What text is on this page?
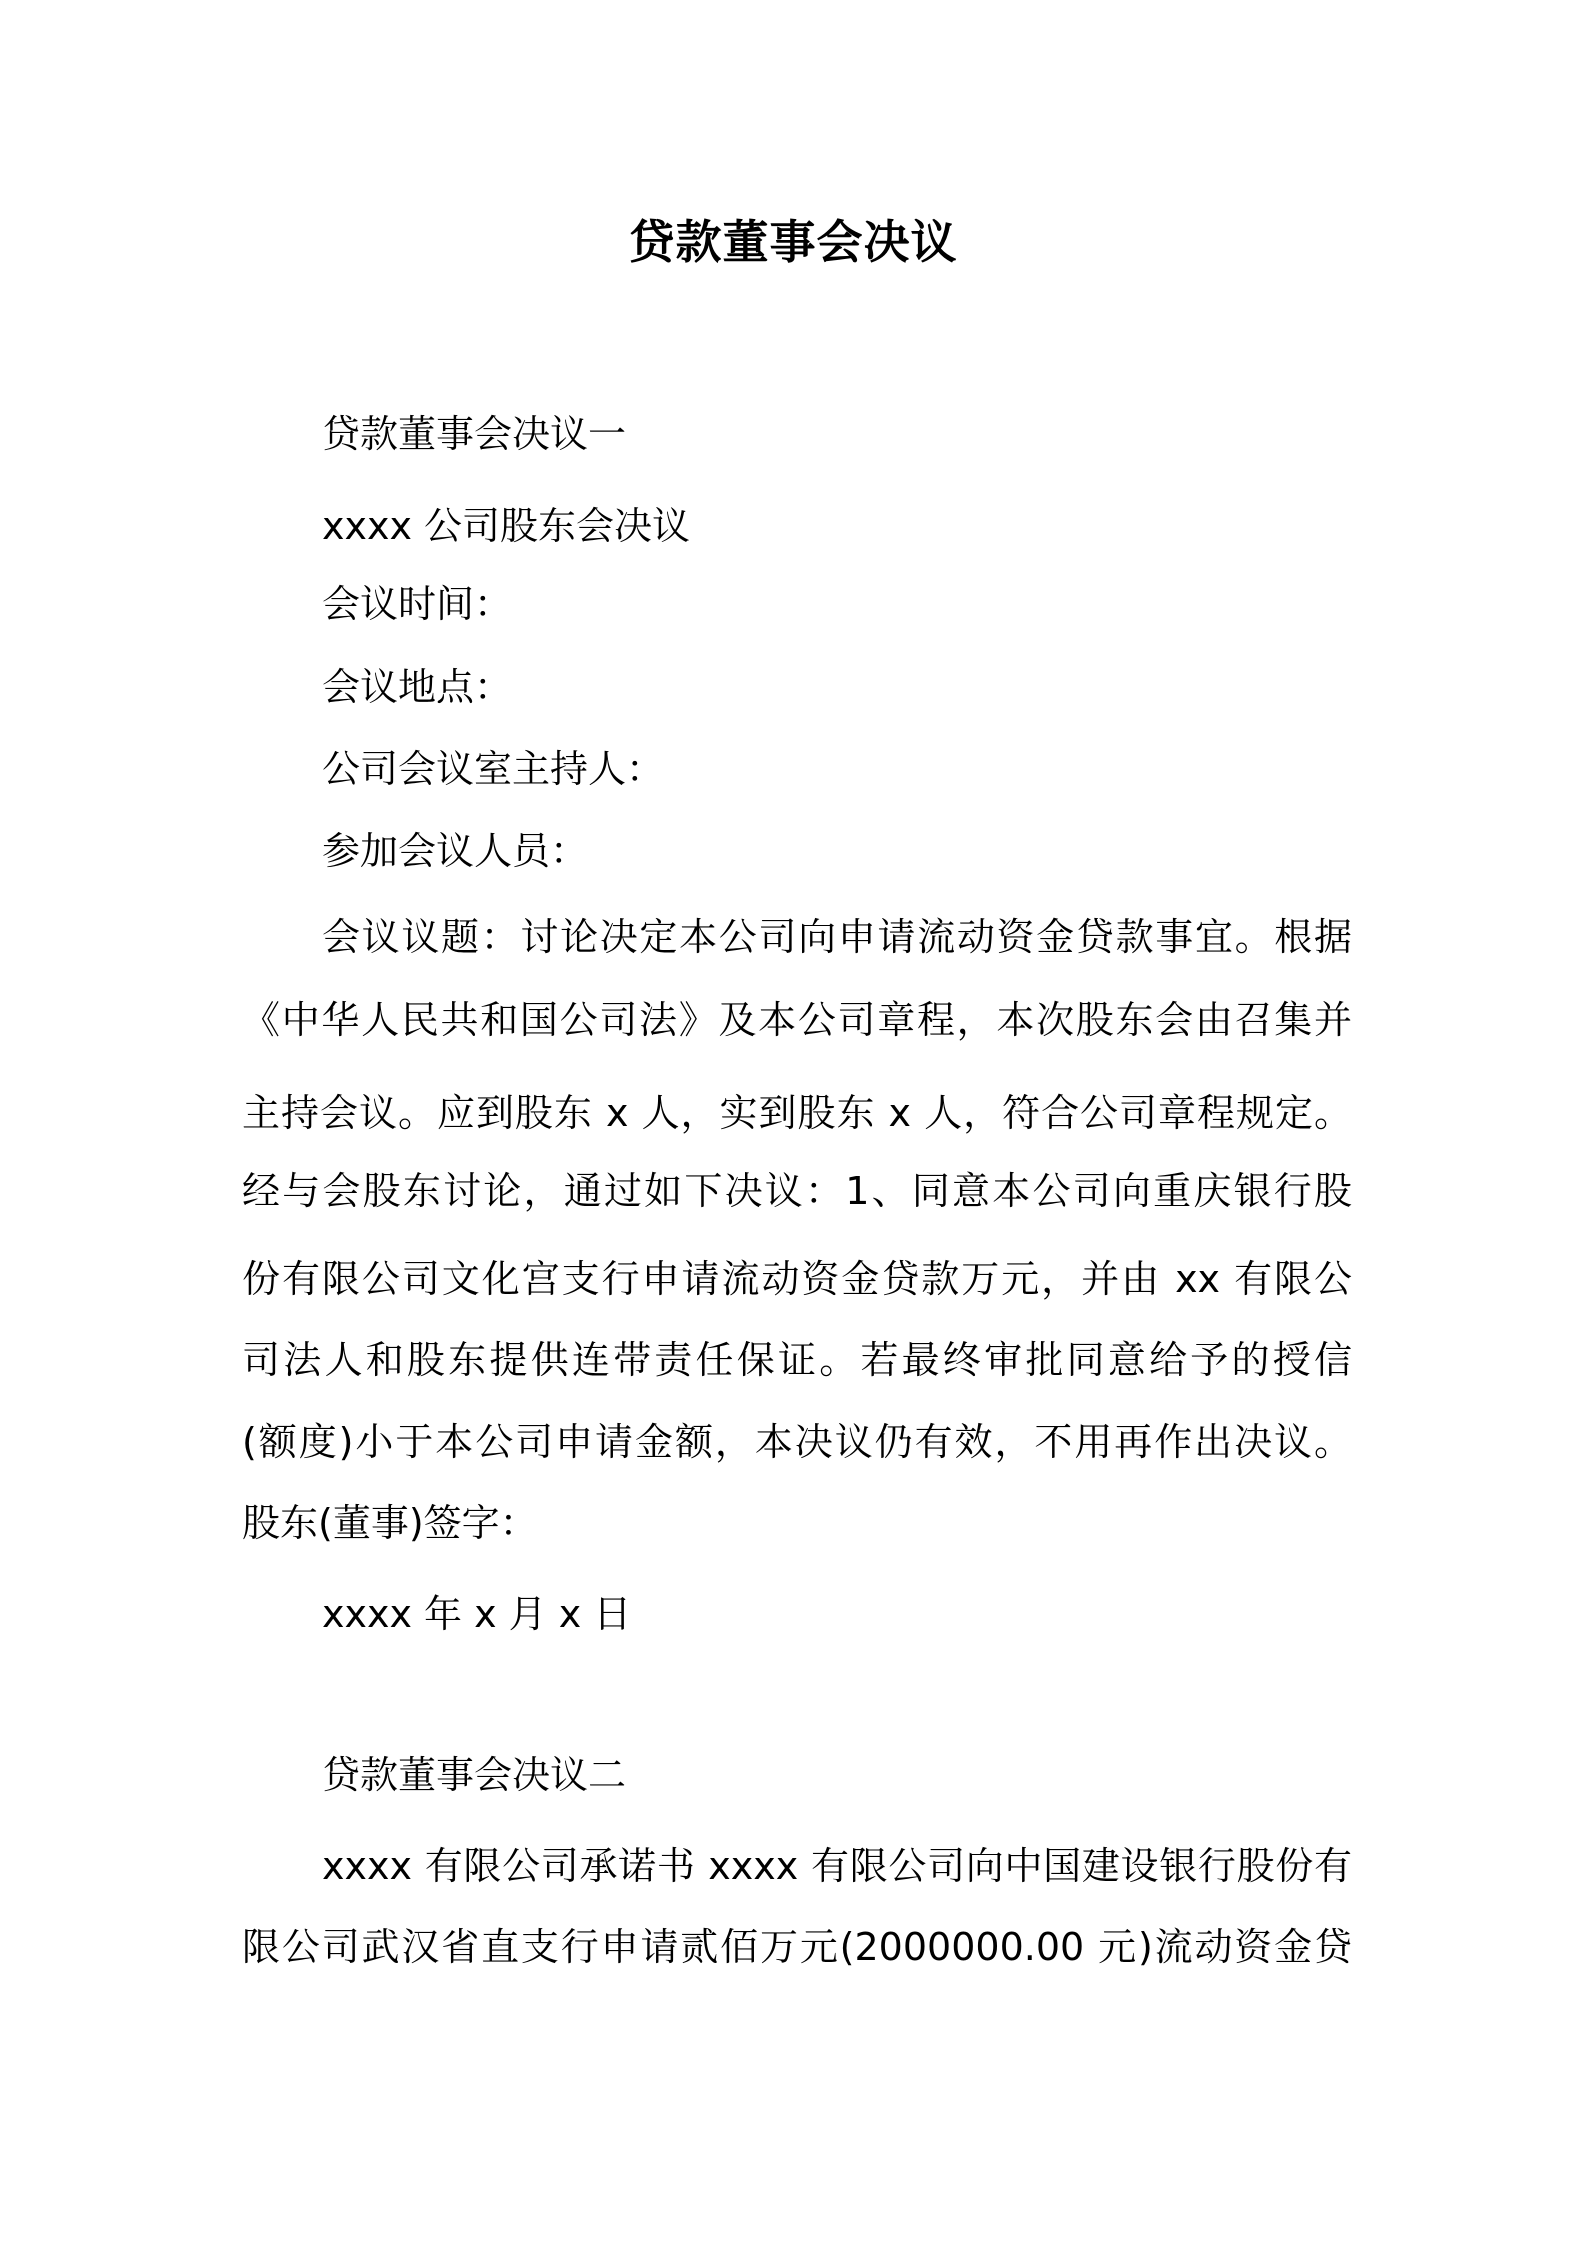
贷款董事会决议
贷款董事会决议一
xxxx 公司股东会决议
会议时间：
会议地点：
公司会议室主持人：
参加会议人员：
会议议题：讨论决定本公司向申请流动资金贷款事宜。根据
《中华人民共和国公司法》及本公司章程，本次股东会由召集并
主持会议。应到股东 x 人，实到股东 x 人，符合公司章程规定。
经与会股东讨论，通过如下决议：1、同意本公司向重庆银行股
份有限公司文化宫支行申请流动资金贷款万元，并由 xx 有限公
司法人和股东提供连带责任保证。若最终审批同意给予的授信
(额度)小于本公司申请金额，本决议仍有效，不用再作出决议。
股东(董事)签字：
xxxx 年 x 月 x 日
贷款董事会决议二
xxxx 有限公司承诺书 xxxx 有限公司向中国建设银行股份有
限公司武汉省直支行申请贰佰万元(2000000.00 元)流动资金贷
